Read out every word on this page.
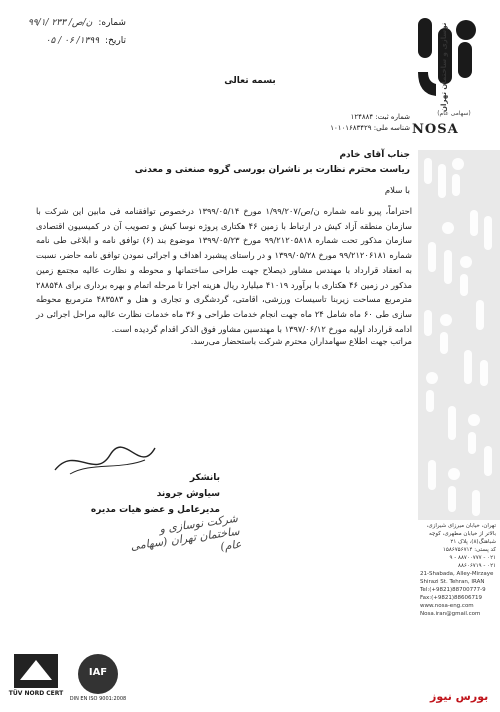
شماره:
ن/ص/ ۲۳۳ /۹۹/۱
تاریخ:
۱۳۹۹/ ۰۶ / ۰۵	نوسازی و ساختمان تهران
(سهامی عام)
NOSA
تهران، خیابان میرزای شیرازی، بالاتر از خیابان مطهری، کوچه شباهنگ(۸)، پلاک ۲۱
کد پستی: ۱۵۸۶۷۵۶۷۱۴
۰۲۱ - ۸۸۷۰۰۷۷۷ - ۹
۰۲۱ - ۸۸۶۰۶۷۱۹
21-Shabada, Alley-Mirzaye Shirazi St. Tehran, IRAN
Tel:(+9821)88700777-9
Fax:(+9821)88606719
www.nosa-eng.com
Nosa.iran@gmail.com
بسمه تعالی
شماره ثبت: ۱۲۴۸۸۴
شناسه ملی: ۱۰۱۰۱۶۸۳۴۲۹
جناب آقای خادم
ریاست محترم نظارت بر ناشران بورسی گروه صنعتی و معدنی
با سلام

احتراماً، پیرو نامه شماره ن/ص/۱/۹۹/۲۰۷ مورخ ۱۳۹۹/۰۵/۱۴ درخصوص توافقنامه فی مابین این شرکت با سازمان منطقه آزاد کیش در ارتباط با زمین ۴۶ هکتاری پروژه نوسا کیش و تصویب آن در کمیسیون اقتصادی سازمان مذکور تحت شماره ۹۹/۲۱۲۰۵۸۱۸ مورخ ۱۳۹۹/۰۵/۲۳ موضوع بند (۶) توافق نامه و ابلاغی طی نامه شماره ۹۹/۲۱۲۰۶۱۸۱ مورخ ۱۳۹۹/۰۵/۲۸ و در راستای پیشبرد اهداف و اجرائی نمودن توافق نامه حاضر، نسبت به انعقاد قرارداد با مهندس مشاور ذیصلاح جهت طراحی ساختمانها و محوطه و نظارت عالیه مجتمع زمین مذکور در زمین ۴۶ هکتاری با برآورد ۴۱۰۱۹ میلیارد ریال هزینه اجرا تا مرحله اتمام و بهره برداری برای ۲۸۸۵۴۸ مترمربع مساحت زیربنا تاسیسات ورزشی، اقامتی، گردشگری و تجاری و هتل و ۴۸۳۵۸۳ مترمربع محوطه سازی طی ۶۰ ماه شامل ۲۴ ماه جهت انجام خدمات طراحی و ۳۶ ماه خدمات نظارت عالیه مراحل اجرائی در ادامه قرارداد اولیه مورخ ۱۳۹۷/۰۶/۱۲ با مهندسین مشاور فوق الذکر اقدام گردیده است.

مراتب جهت اطلاع سهامداران محترم شرکت باستحضار می‌رسد.
بانشکر
سیاوش جروند
مدیرعامل و عضو هیات مدیره
شرکت نوسازی و ساختمان تهران (سهامی عام)
TÜV NORD CERT
IAF
DIN EN ISO 9001:2008	بورس نیوز
